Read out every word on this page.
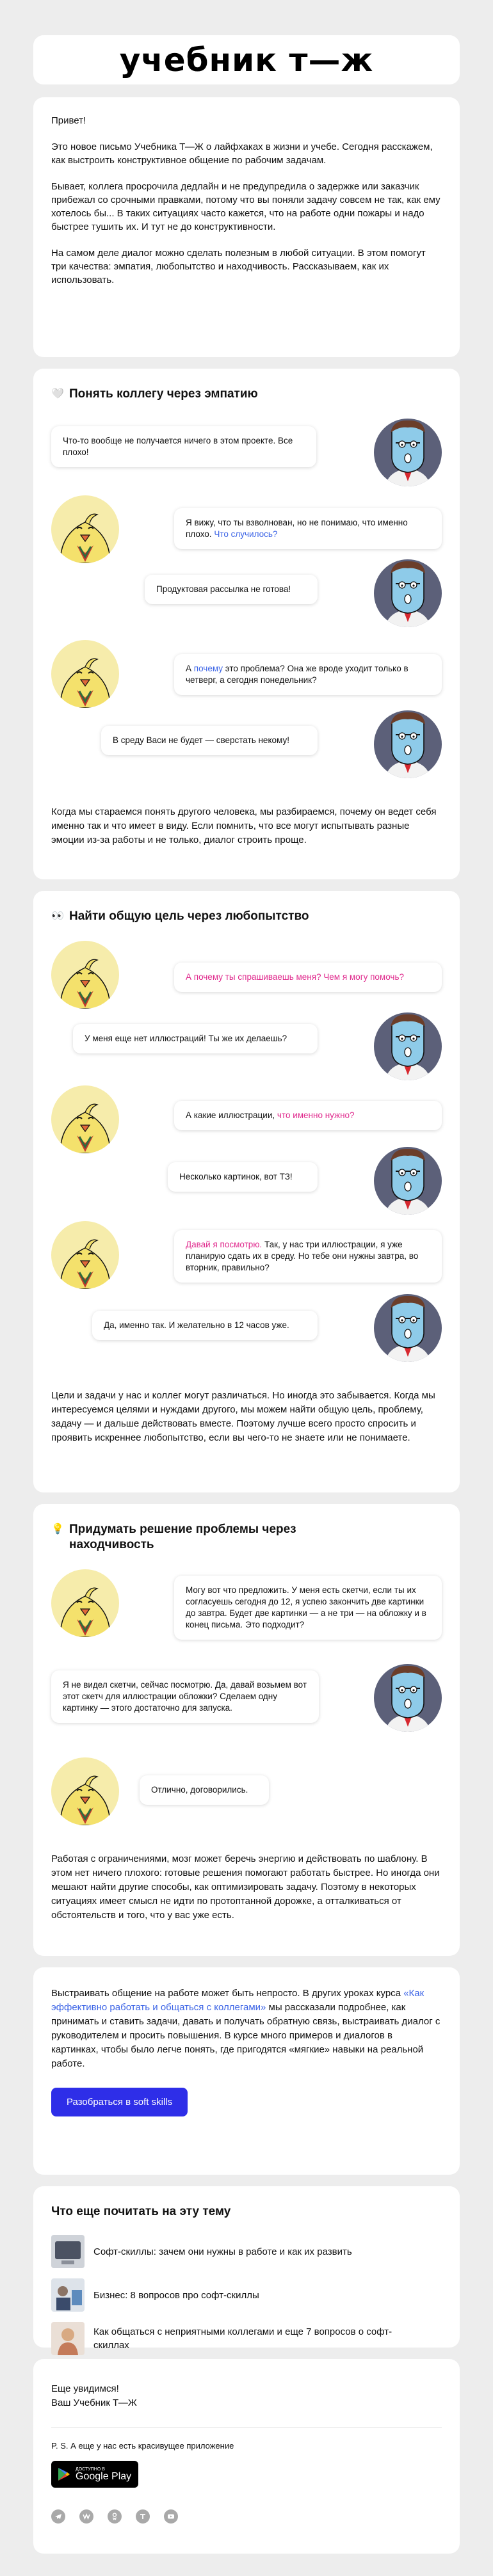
учебник т—ж

Привет!

Это новое письмо Учебника Т—Ж о лайфхаках в жизни и учебе. Сегодня расскажем, как выстроить конструктивное общение по рабочим задачам.

Бывает, коллега просрочила дедлайн и не предупредила о задержке или заказчик прибежал со срочными правками, потому что вы поняли задачу совсем не так, как ему хотелось бы... В таких ситуациях часто кажется, что на работе одни пожары и надо быстрее тушить их. И тут не до конструктивности.

На самом деле диалог можно сделать полезным в любой ситуации. В этом помогут три качества: эмпатия, любопытство и находчивость. Рассказываем, как их использовать.

🤍 Понять коллегу через эмпатию
Что-то вообще не получается ничего в этом проекте. Все плохо!
Я вижу, что ты взволнован, но не понимаю, что именно плохо. Что случилось?
Продуктовая рассылка не готова!
А почему это проблема? Она же вроде уходит только в четверг, а сегодня понедельник?
В среду Васи не будет — сверстать некому!

Когда мы стараемся понять другого человека, мы разбираемся, почему он ведет себя именно так и что имеет в виду. Если помнить, что все могут испытывать разные эмоции из-за работы и не только, диалог строить проще.

👀 Найти общую цель через любопытство
А почему ты спрашиваешь меня? Чем я могу помочь?
У меня еще нет иллюстраций! Ты же их делаешь?
А какие иллюстрации, что именно нужно?
Несколько картинок, вот ТЗ!
Давай я посмотрю. Так, у нас три иллюстрации, я уже планирую сдать их в среду. Но тебе они нужны завтра, во вторник, правильно?
Да, именно так. И желательно в 12 часов уже.

Цели и задачи у нас и коллег могут различаться. Но иногда это забывается. Когда мы интересуемся целями и нуждами другого, мы можем найти общую цель, проблему, задачу — и дальше действовать вместе. Поэтому лучше всего просто спросить и проявить искреннее любопытство, если вы чего-то не знаете или не понимаете.

💡 Придумать решение проблемы через находчивость
Могу вот что предложить. У меня есть скетчи, если ты их согласуешь сегодня до 12, я успею закончить две картинки до завтра. Будет две картинки — а не три — на обложку и в конец письма. Это подходит?
Я не видел скетчи, сейчас посмотрю. Да, давай возьмем вот этот скетч для иллюстрации обложки? Сделаем одну картинку — этого достаточно для запуска.
Отлично, договорились.

Работая с ограничениями, мозг может беречь энергию и действовать по шаблону. В этом нет ничего плохого: готовые решения помогают работать быстрее. Но иногда они мешают найти другие способы, как оптимизировать задачу. Поэтому в некоторых ситуациях имеет смысл не идти по протоптанной дорожке, а отталкиваться от обстоятельств и того, что у вас уже есть.

Выстраивать общение на работе может быть непросто. В других уроках курса «Как эффективно работать и общаться с коллегами» мы рассказали подробнее, как принимать и ставить задачи, давать и получать обратную связь, выстраивать диалог с руководителем и просить повышения. В курсе много примеров и диалогов в картинках, чтобы было легче понять, где пригодятся «мягкие» навыки на реальной работе.

Разобраться в soft skills
Что еще почитать на эту тему
Софт-скиллы: зачем они нужны в работе и как их развить
Бизнес: 8 вопросов про софт-скиллы
Как общаться с неприятными коллегами и еще 7 вопросов о софт-скиллах

Еще увидимся!

Ваш Учебник Т—Ж

P. S. А еще у нас есть красивущее приложение

ДОСТУПНО В
Google Play
